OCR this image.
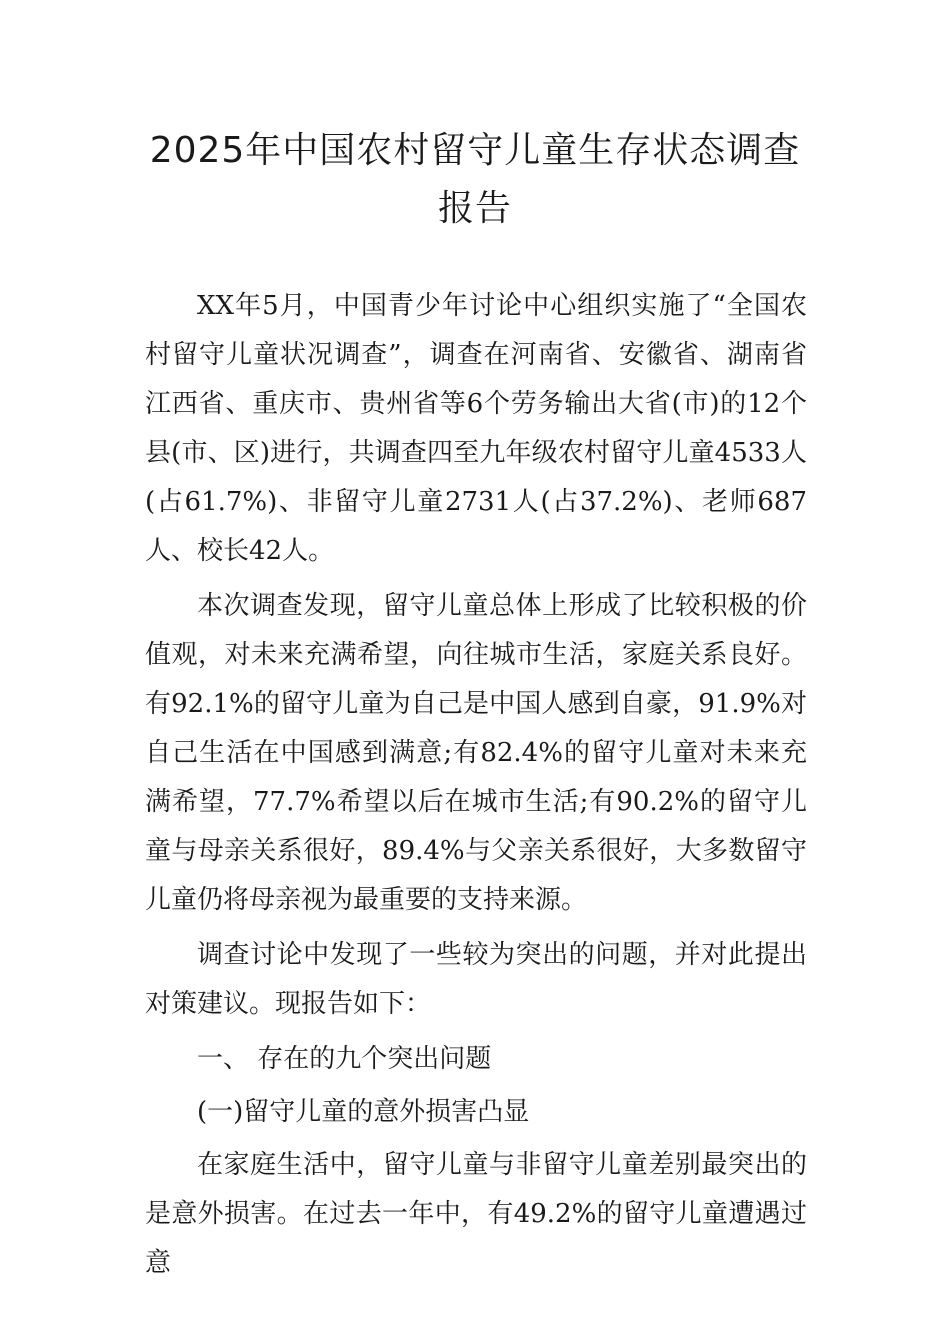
2025年中国农村留守儿童生存状态调查报告

XX年5月，中国青少年讨论中心组织实施了“全国农村留守儿童状况调查”，调查在河南省、安徽省、湖南省江西省、重庆市、贵州省等6个劳务输出大省(市)的12个县(市、区)进行，共调查四至九年级农村留守儿童4533人(占61.7%)、非留守儿童2731人(占37.2%)、老师687人、校长42人。

本次调查发现，留守儿童总体上形成了比较积极的价值观，对未来充满希望，向往城市生活，家庭关系良好。有92.1%的留守儿童为自己是中国人感到自豪，91.9%对自己生活在中国感到满意;有82.4%的留守儿童对未来充满希望，77.7%希望以后在城市生活;有90.2%的留守儿童与母亲关系很好，89.4%与父亲关系很好，大多数留守儿童仍将母亲视为最重要的支持来源。

调查讨论中发现了一些较为突出的问题，并对此提出对策建议。现报告如下：

一、 存在的九个突出问题

(一)留守儿童的意外损害凸显

在家庭生活中，留守儿童与非留守儿童差别最突出的是意外损害。在过去一年中，有49.2%的留守儿童遭遇过意
